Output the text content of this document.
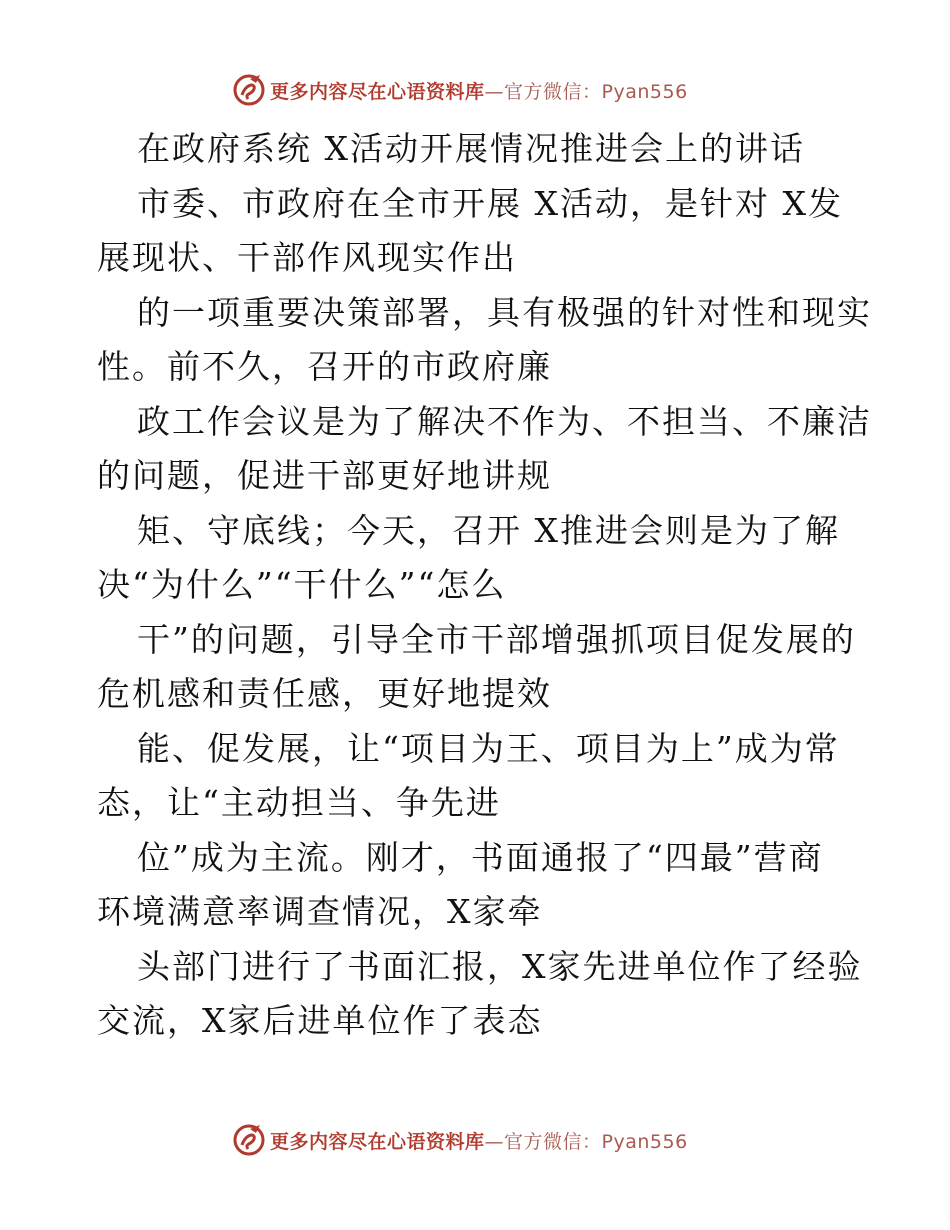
更多内容尽在心语资料库—官方微信：Pyan556
在政府系统 X活动开展情况推进会上的讲话
市委、市政府在全市开展 X活动，是针对 X发
展现状、干部作风现实作出
的一项重要决策部署，具有极强的针对性和现实
性。前不久，召开的市政府廉
政工作会议是为了解决不作为、不担当、不廉洁
的问题，促进干部更好地讲规
矩、守底线；今天，召开 X推进会则是为了解
决“为什么”“干什么”“怎么
干”的问题，引导全市干部增强抓项目促发展的
危机感和责任感，更好地提效
能、促发展，让“项目为王、项目为上”成为常
态，让“主动担当、争先进
位”成为主流。刚才，书面通报了“四最”营商
环境满意率调查情况，X家牵
头部门进行了书面汇报，X家先进单位作了经验
交流，X家后进单位作了表态
更多内容尽在心语资料库—官方微信：Pyan556
